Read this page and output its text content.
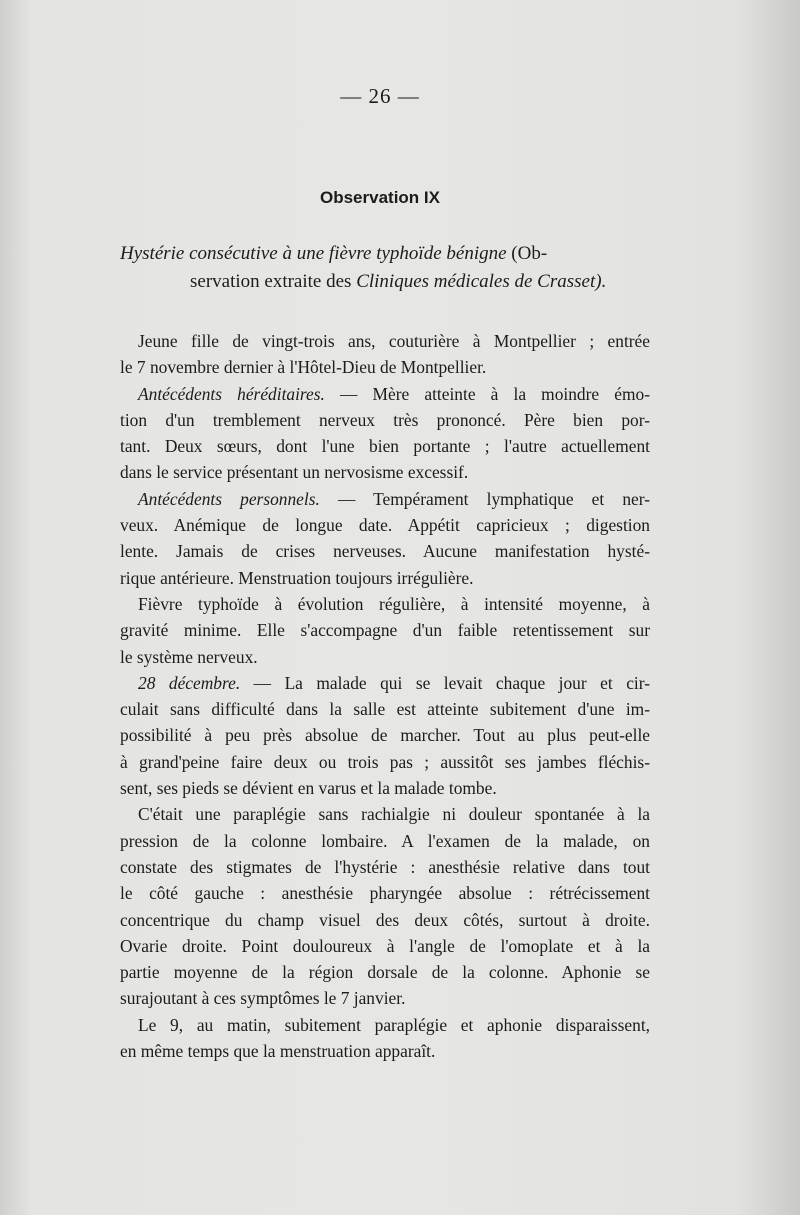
— 26 —
Observation IX
Hystérie consécutive à une fièvre typhoïde bénigne (Ob-
servation extraite des Cliniques médicales de Crasset).
Jeune fille de vingt-trois ans, couturière à Montpellier ; entrée
le 7 novembre dernier à l'Hôtel-Dieu de Montpellier.
Antécédents héréditaires. — Mère atteinte à la moindre émo-
tion d'un tremblement nerveux très prononcé. Père bien por-
tant. Deux sœurs, dont l'une bien portante ; l'autre actuellement
dans le service présentant un nervosisme excessif.
Antécédents personnels. — Tempérament lymphatique et ner-
veux. Anémique de longue date. Appétit capricieux ; digestion
lente. Jamais de crises nerveuses. Aucune manifestation hysté-
rique antérieure. Menstruation toujours irrégulière.
Fièvre typhoïde à évolution régulière, à intensité moyenne, à
gravité minime. Elle s'accompagne d'un faible retentissement sur
le système nerveux.
28 décembre. — La malade qui se levait chaque jour et cir-
culait sans difficulté dans la salle est atteinte subitement d'une im-
possibilité à peu près absolue de marcher. Tout au plus peut-elle
à grand'peine faire deux ou trois pas ; aussitôt ses jambes fléchis-
sent, ses pieds se dévient en varus et la malade tombe.
C'était une paraplégie sans rachialgie ni douleur spontanée à la
pression de la colonne lombaire. A l'examen de la malade, on
constate des stigmates de l'hystérie : anesthésie relative dans tout
le côté gauche : anesthésie pharyngée absolue : rétrécissement
concentrique du champ visuel des deux côtés, surtout à droite.
Ovarie droite. Point douloureux à l'angle de l'omoplate et à la
partie moyenne de la région dorsale de la colonne. Aphonie se
surajoutant à ces symptômes le 7 janvier.
Le 9, au matin, subitement paraplégie et aphonie disparaissent,
en même temps que la menstruation apparaît.
